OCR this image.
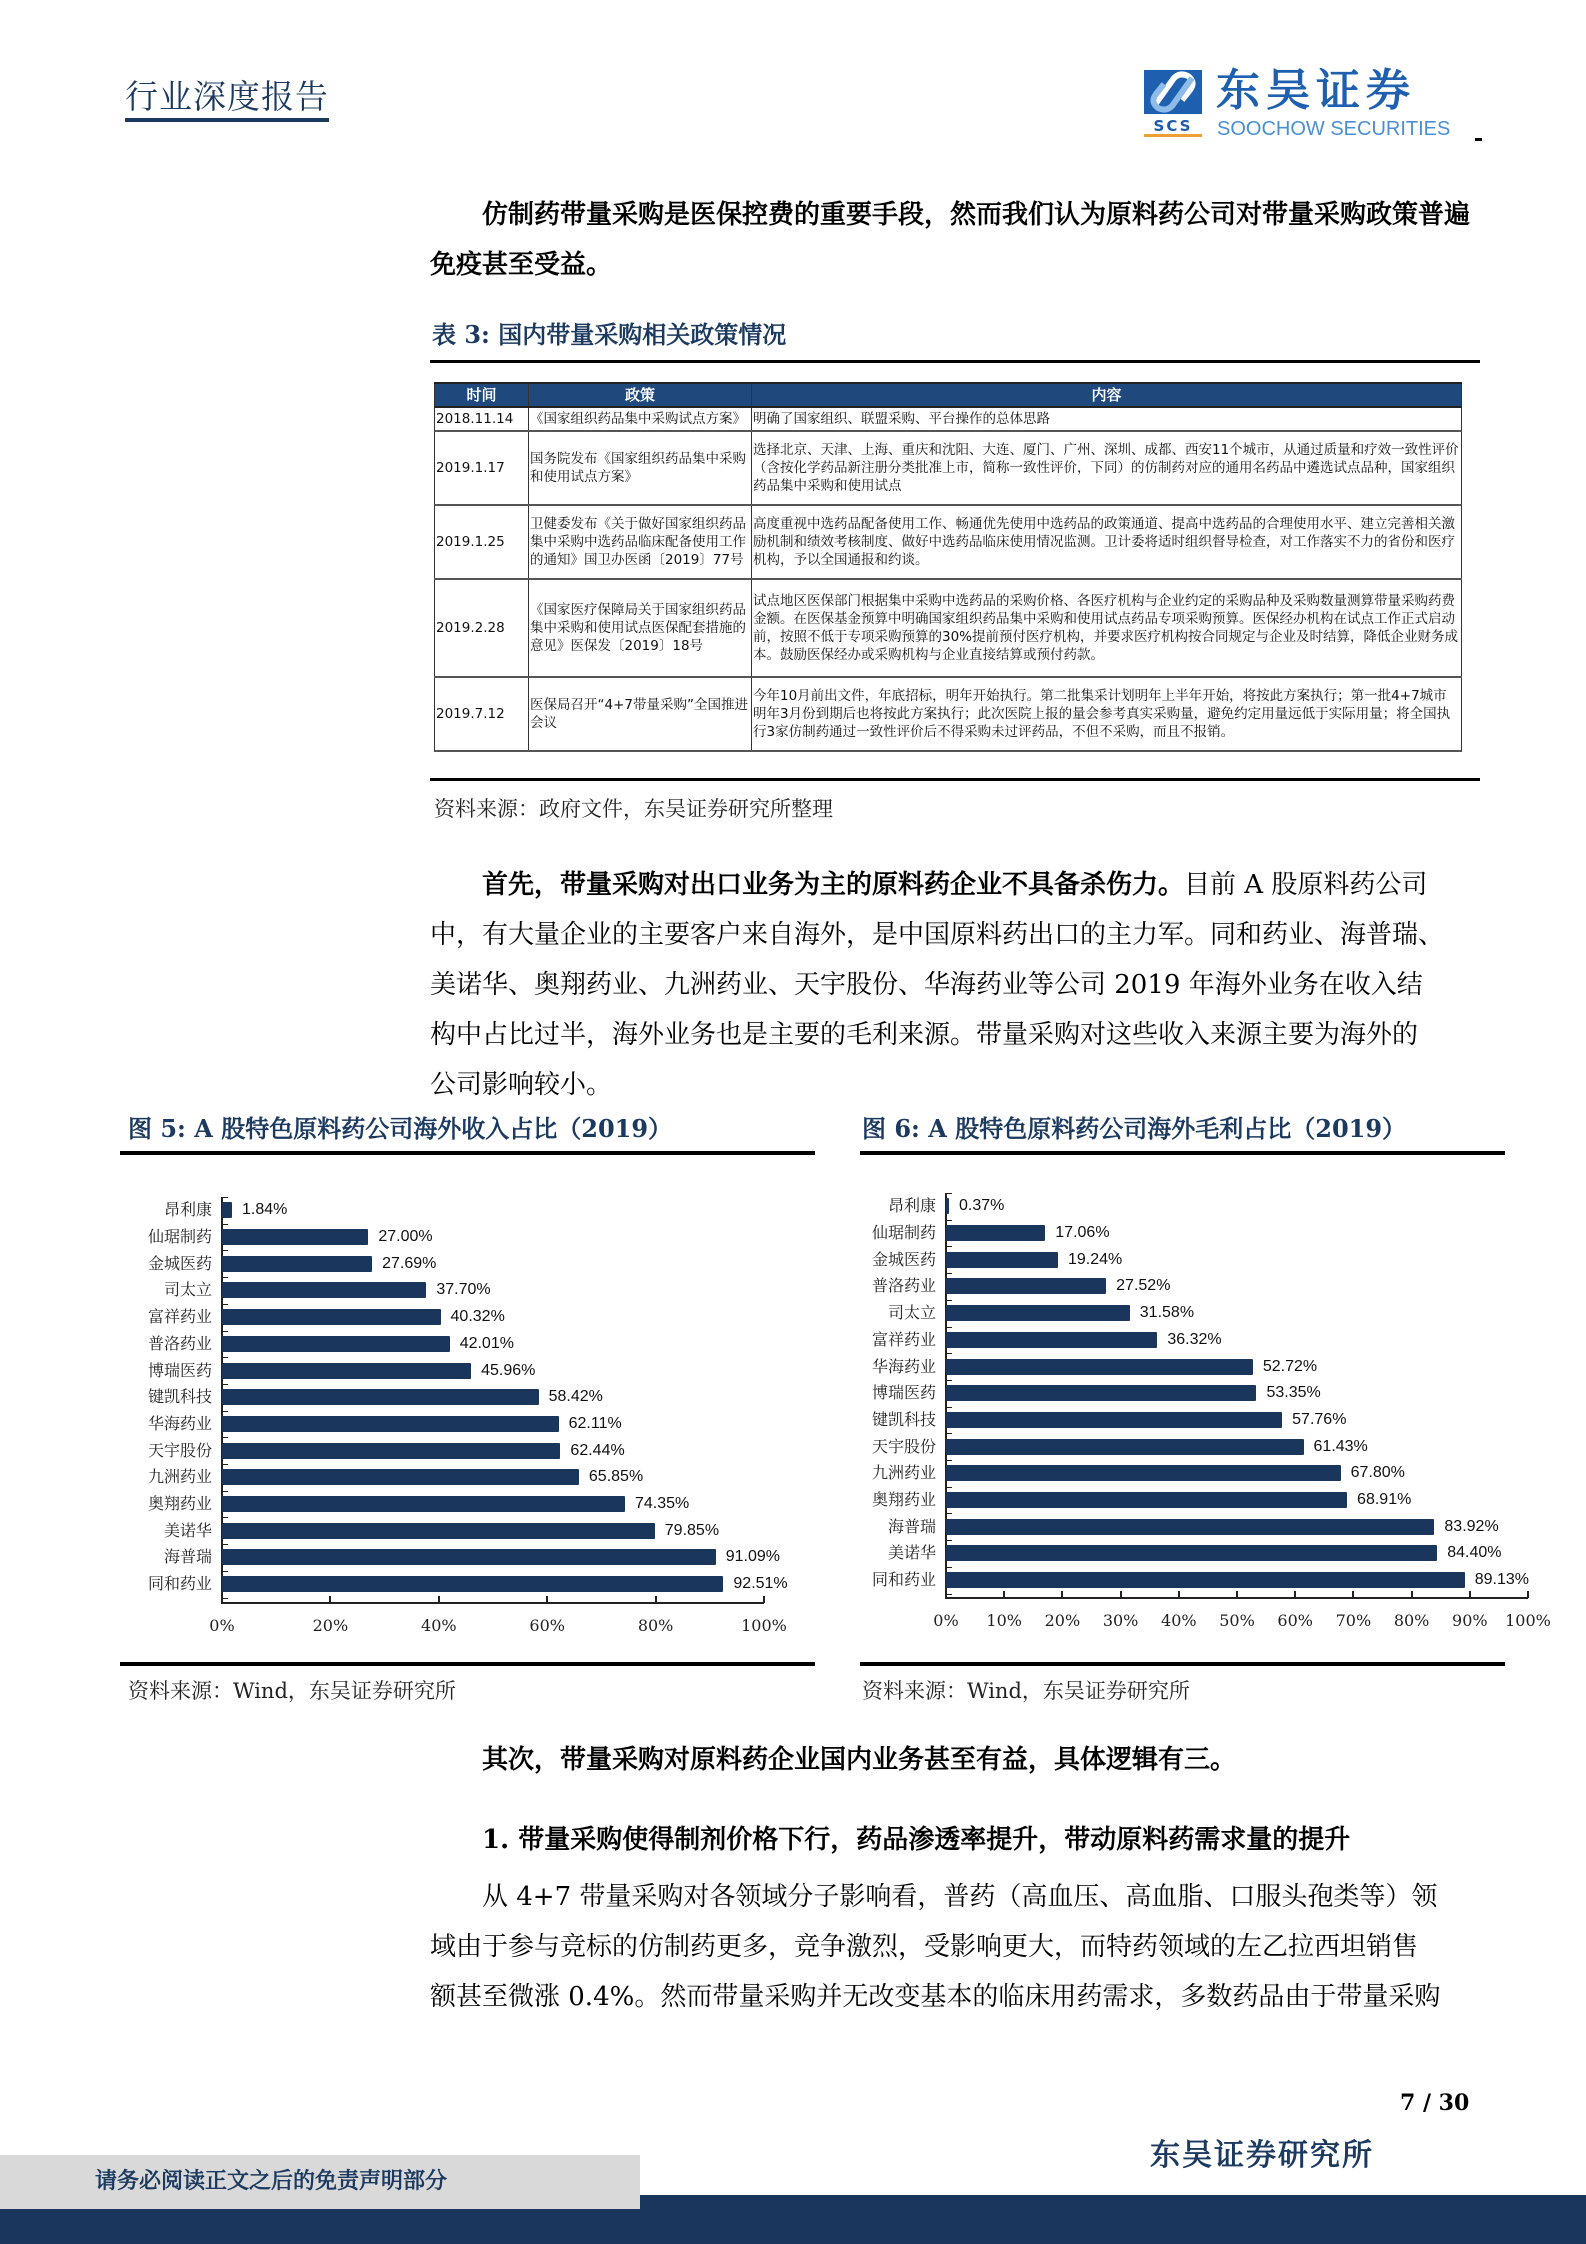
行业深度报告
SCS
东吴证券
SOOCHOW SECURITIES
仿制药带量采购是医保控费的重要手段，然而我们认为原料药公司对带量采购政策普遍免疫甚至受益。
表 3: 国内带量采购相关政策情况
时间	政策	内容
2018.11.14	《国家组织药品集中采购试点方案》	明确了国家组织、联盟采购、平台操作的总体思路
2019.1.17	国务院发布《国家组织药品集中采购和使用试点方案》	选择北京、天津、上海、重庆和沈阳、大连、厦门、广州、深圳、成都、西安11个城市，从通过质量和疗效一致性评价（含按化学药品新注册分类批准上市，简称一致性评价，下同）的仿制药对应的通用名药品中遴选试点品种，国家组织药品集中采购和使用试点
2019.1.25	卫健委发布《关于做好国家组织药品集中采购中选药品临床配备使用工作的通知》国卫办医函〔2019〕77号	高度重视中选药品配备使用工作、畅通优先使用中选药品的政策通道、提高中选药品的合理使用水平、建立完善相关激励机制和绩效考核制度、做好中选药品临床使用情况监测。卫计委将适时组织督导检查，对工作落实不力的省份和医疗机构，予以全国通报和约谈。
2019.2.28	《国家医疗保障局关于国家组织药品集中采购和使用试点医保配套措施的意见》医保发〔2019〕18号	试点地区医保部门根据集中采购中选药品的采购价格、各医疗机构与企业约定的采购品种及采购数量测算带量采购药费金额。在医保基金预算中明确国家组织药品集中采购和使用试点药品专项采购预算。医保经办机构在试点工作正式启动前，按照不低于专项采购预算的30%提前预付医疗机构，并要求医疗机构按合同规定与企业及时结算，降低企业财务成本。鼓励医保经办或采购机构与企业直接结算或预付药款。
2019.7.12	医保局召开“4+7带量采购”全国推进会议	今年10月前出文件，年底招标，明年开始执行。第二批集采计划明年上半年开始，将按此方案执行；第一批4+7城市明年3月份到期后也将按此方案执行；此次医院上报的量会参考真实采购量，避免约定用量远低于实际用量；将全国执行3家仿制药通过一致性评价后不得采购未过评药品，不但不采购，而且不报销。
资料来源：政府文件，东吴证券研究所整理
首先，带量采购对出口业务为主的原料药企业不具备杀伤力。目前 A 股原料药公司
中，有大量企业的主要客户来自海外，是中国原料药出口的主力军。同和药业、海普瑞、
美诺华、奥翔药业、九洲药业、天宇股份、华海药业等公司 2019 年海外业务在收入结
构中占比过半，海外业务也是主要的毛利来源。带量采购对这些收入来源主要为海外的
公司影响较小。
图 5: A 股特色原料药公司海外收入占比（2019）	图 6: A 股特色原料药公司海外毛利占比（2019）
0%	20%	40%	60%	80%	100%
昂利康 1.84%
仙琚制药	27.00%
金城医药	27.69%
司太立	37.70%
富祥药业	40.32%
普洛药业	42.01%
博瑞医药	45.96%
键凯科技	58.42%
华海药业	62.11%
天宇股份	62.44%
九洲药业	65.85%
奥翔药业	74.35%
美诺华	79.85%
海普瑞	91.09%
同和药业	92.51%
0%	10%	20%	30%	40%	50%	60%	70%	80%	90%	100%
昂利康 0.37%
仙琚制药	17.06%
金城医药	19.24%
普洛药业	27.52%
司太立	31.58%
富祥药业	36.32%
华海药业	52.72%
博瑞医药	53.35%
键凯科技	57.76%
天宇股份	61.43%
九洲药业	67.80%
奥翔药业	68.91%
海普瑞	83.92%
美诺华	84.40%
同和药业	89.13%
资料来源：Wind，东吴证券研究所	资料来源：Wind，东吴证券研究所
其次，带量采购对原料药企业国内业务甚至有益，具体逻辑有三。
1. 带量采购使得制剂价格下行，药品渗透率提升，带动原料药需求量的提升
从 4+7 带量采购对各领域分子影响看，普药（高血压、高血脂、口服头孢类等）领
域由于参与竞标的仿制药更多，竞争激烈，受影响更大，而特药领域的左乙拉西坦销售
额甚至微涨 0.4%。然而带量采购并无改变基本的临床用药需求，多数药品由于带量采购
7 / 30
东吴证券研究所
请务必阅读正文之后的免责声明部分
